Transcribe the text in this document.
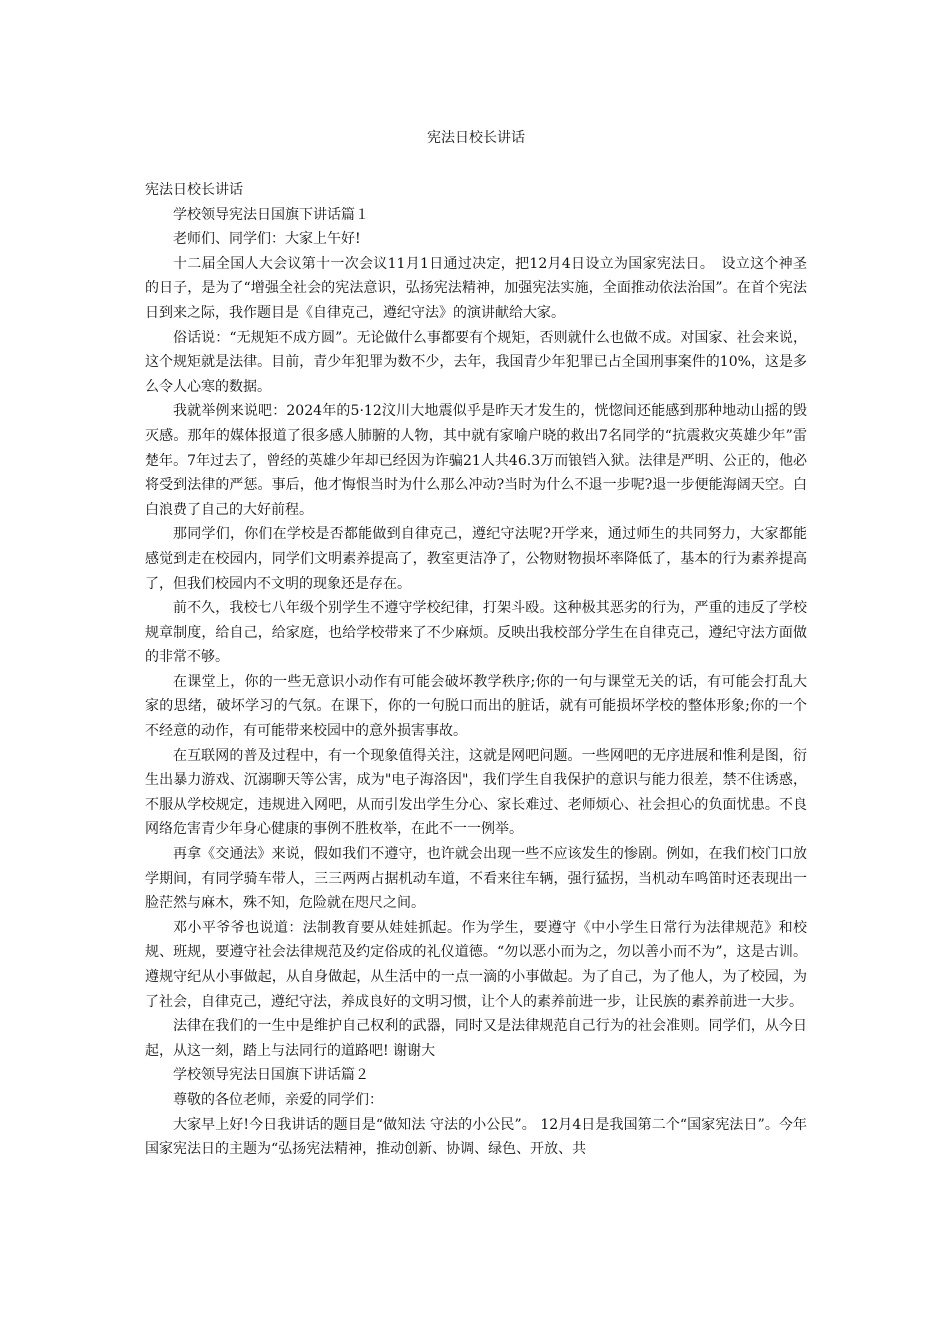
宪法日校长讲话

宪法日校长讲话

学校领导宪法日国旗下讲话篇１

老师们、同学们：大家上午好!

十二届全国人大会议第十一次会议11月1日通过决定，把12月4日设立为国家宪法日。　设立这个神圣的日子，是为了“增强全社会的宪法意识，弘扬宪法精神，加强宪法实施，全面推动依法治国”。在首个宪法日到来之际，我作题目是《自律克己，遵纪守法》的演讲献给大家。

俗话说：“无规矩不成方圆”。无论做什么事都要有个规矩，否则就什么也做不成。对国家、社会来说，这个规矩就是法律。目前，青少年犯罪为数不少，去年，我国青少年犯罪已占全国刑事案件的10%，这是多么令人心寒的数据。

我就举例来说吧：2024年的5·12汶川大地震似乎是昨天才发生的，恍惚间还能感到那种地动山摇的毁灭感。那年的媒体报道了很多感人肺腑的人物，其中就有家喻户晓的救出7名同学的“抗震救灾英雄少年”雷楚年。7年过去了，曾经的英雄少年却已经因为诈骗21人共46.3万而锒铛入狱。法律是严明、公正的，他必将受到法律的严惩。事后，他才悔恨当时为什么那么冲动?当时为什么不退一步呢?退一步便能海阔天空。白白浪费了自己的大好前程。

那同学们，你们在学校是否都能做到自律克己，遵纪守法呢?开学来，通过师生的共同努力，大家都能感觉到走在校园内，同学们文明素养提高了，教室更洁净了，公物财物损坏率降低了，基本的行为素养提高了，但我们校园内不文明的现象还是存在。

前不久，我校七八年级个别学生不遵守学校纪律，打架斗殴。这种极其恶劣的行为，严重的违反了学校规章制度，给自己，给家庭，也给学校带来了不少麻烦。反映出我校部分学生在自律克己，遵纪守法方面做的非常不够。

在课堂上，你的一些无意识小动作有可能会破坏教学秩序;你的一句与课堂无关的话，有可能会打乱大家的思绪，破坏学习的气氛。在课下，你的一句脱口而出的脏话，就有可能损坏学校的整体形象;你的一个不经意的动作，有可能带来校园中的意外损害事故。

在互联网的普及过程中，有一个现象值得关注，这就是网吧问题。一些网吧的无序进展和惟利是图，衍生出暴力游戏、沉溺聊天等公害，成为"电子海洛因"，我们学生自我保护的意识与能力很差，禁不住诱惑，不服从学校规定，违规进入网吧，从而引发出学生分心、家长难过、老师烦心、社会担心的负面忧患。不良网络危害青少年身心健康的事例不胜枚举，在此不一一例举。

再拿《交通法》来说，假如我们不遵守，也许就会出现一些不应该发生的惨剧。例如，在我们校门口放学期间，有同学骑车带人，三三两两占据机动车道，不看来往车辆，强行猛拐，当机动车鸣笛时还表现出一脸茫然与麻木，殊不知，危险就在咫尺之间。

邓小平爷爷也说道：法制教育要从娃娃抓起。作为学生，要遵守《中小学生日常行为法律规范》和校规、班规，要遵守社会法律规范及约定俗成的礼仪道德。“勿以恶小而为之，勿以善小而不为”，这是古训。遵规守纪从小事做起，从自身做起，从生活中的一点一滴的小事做起。为了自己，为了他人，为了校园，为了社会，自律克己，遵纪守法，养成良好的文明习惯，让个人的素养前进一步，让民族的素养前进一大步。

法律在我们的一生中是维护自己权利的武器，同时又是法律规范自己行为的社会准则。同学们，从今日起，从这一刻，踏上与法同行的道路吧! 谢谢大

学校领导宪法日国旗下讲话篇２

尊敬的各位老师，亲爱的同学们：

大家早上好!今日我讲话的题目是“做知法 守法的小公民”。 12月4日是我国第二个“国家宪法日”。今年国家宪法日的主题为“弘扬宪法精神，推动创新、协调、绿色、开放、共
